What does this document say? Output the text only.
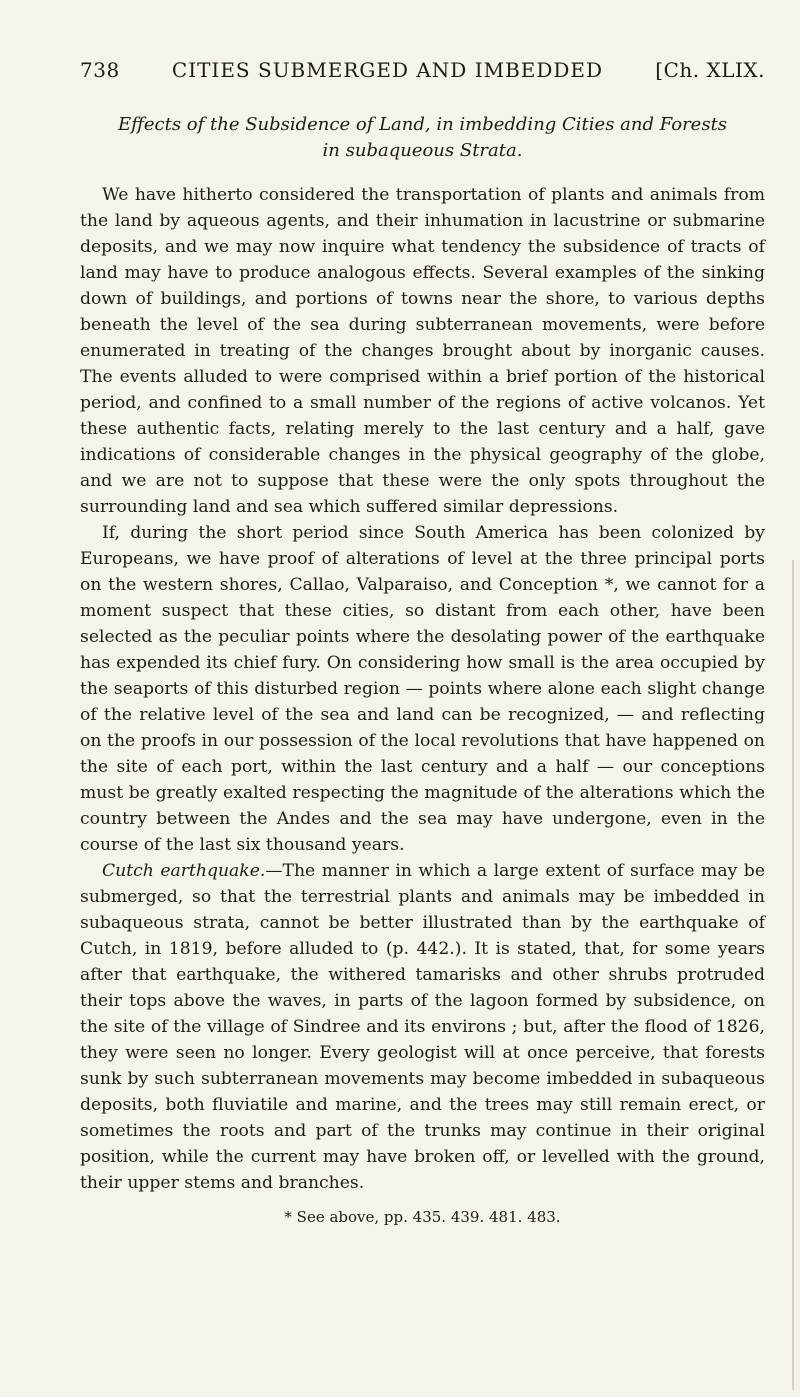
738	CITIES SUBMERGED AND IMBEDDED	[Ch. XLIX.
Effects of the Subsidence of Land, in imbedding Cities and Forests
in subaqueous Strata.

We have hitherto considered the transportation of plants and animals from the land by aqueous agents, and their inhumation in lacustrine or submarine deposits, and we may now inquire what tendency the subsidence of tracts of land may have to produce analogous effects. Several examples of the sinking down of buildings, and portions of towns near the shore, to various depths beneath the level of the sea during subterranean movements, were before enumerated in treating of the changes brought about by inorganic causes. The events alluded to were comprised within a brief portion of the historical period, and confined to a small number of the regions of active volcanos. Yet these authentic facts, relating merely to the last century and a half, gave indications of considerable changes in the physical geography of the globe, and we are not to suppose that these were the only spots throughout the surrounding land and sea which suffered similar depressions.

If, during the short period since South America has been colonized by Europeans, we have proof of alterations of level at the three principal ports on the western shores, Callao, Valparaiso, and Conception *, we cannot for a moment suspect that these cities, so distant from each other, have been selected as the peculiar points where the desolating power of the earthquake has expended its chief fury. On considering how small is the area occupied by the seaports of this disturbed region — points where alone each slight change of the relative level of the sea and land can be recognized, — and reflecting on the proofs in our possession of the local revolutions that have happened on the site of each port, within the last century and a half — our conceptions must be greatly exalted respecting the magnitude of the alterations which the country between the Andes and the sea may have undergone, even in the course of the last six thousand years.

Cutch earthquake.—The manner in which a large extent of surface may be submerged, so that the terrestrial plants and animals may be imbedded in subaqueous strata, cannot be better illustrated than by the earthquake of Cutch, in 1819, before alluded to (p. 442.). It is stated, that, for some years after that earthquake, the withered tamarisks and other shrubs protruded their tops above the waves, in parts of the lagoon formed by subsidence, on the site of the village of Sindree and its environs ; but, after the flood of 1826, they were seen no longer. Every geologist will at once perceive, that forests sunk by such subterranean movements may become imbedded in subaqueous deposits, both fluviatile and marine, and the trees may still remain erect, or sometimes the roots and part of the trunks may continue in their original position, while the current may have broken off, or levelled with the ground, their upper stems and branches.

* See above, pp. 435. 439. 481. 483.
